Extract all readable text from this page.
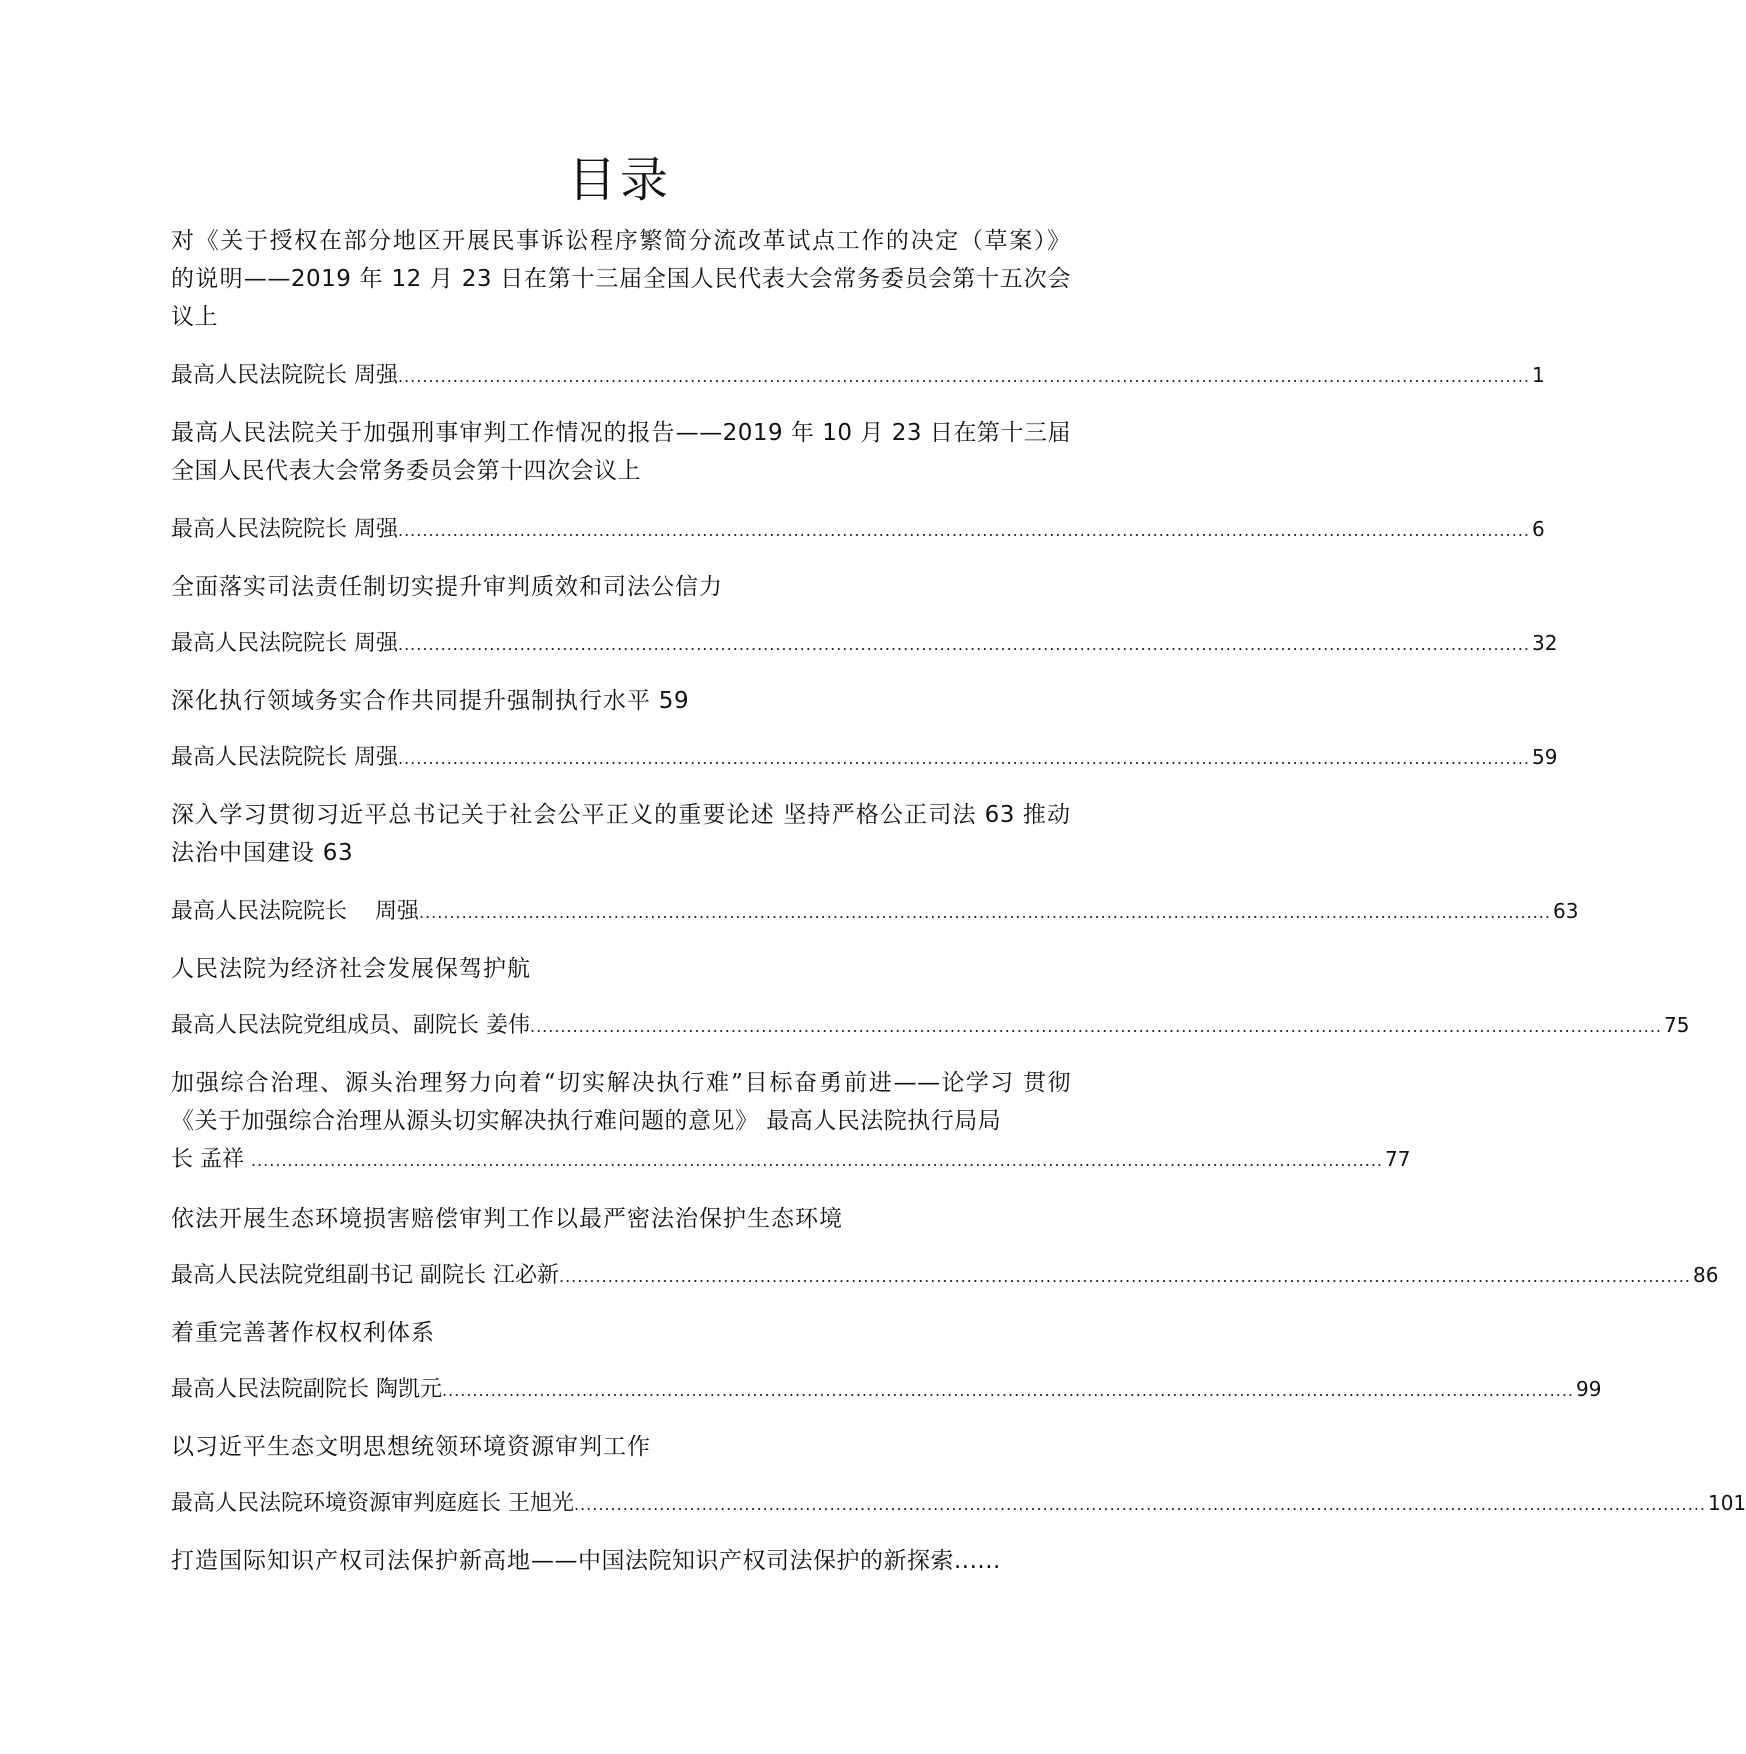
目录

对《关于授权在部分地区开展民事诉讼程序繁简分流改革试点工作的决定（草案）》的说明——2019 年 12 月 23 日在第十三届全国人民代表大会常务委员会第十五次会议上

最高人民法院院长 周强 .......................................................................................................................................................................................... 1

最高人民法院关于加强刑事审判工作情况的报告——2019 年 10 月 23 日在第十三届全国人民代表大会常务委员会第十四次会议上

最高人民法院院长 周强 .......................................................................................................................................................................................... 6

全面落实司法责任制切实提升审判质效和司法公信力

最高人民法院院长 周强 .......................................................................................................................................................................................... 32

深化执行领域务实合作共同提升强制执行水平 59

最高人民法院院长 周强 .......................................................................................................................................................................................... 59

深入学习贯彻习近平总书记关于社会公平正义的重要论述 坚持严格公正司法 63 推动法治中国建设 63

最高人民法院院长    周强 .......................................................................................................................................................................................... 63

人民法院为经济社会发展保驾护航

最高人民法院党组成员、副院长 姜伟 .......................................................................................................................................................................................... 75

加强综合治理、源头治理努力向着“切实解决执行难”目标奋勇前进——论学习 贯彻《关于加强综合治理从源头切实解决执行难问题的意见》 最高人民法院执行局局

长 孟祥 .......................................................................................................................................................................................... 77

依法开展生态环境损害赔偿审判工作以最严密法治保护生态环境

最高人民法院党组副书记 副院长 江必新 .......................................................................................................................................................................................... 86

着重完善著作权权利体系

最高人民法院副院长 陶凯元 .......................................................................................................................................................................................... 99

以习近平生态文明思想统领环境资源审判工作

最高人民法院环境资源审判庭庭长 王旭光 .......................................................................................................................................................................................... 101

打造国际知识产权司法保护新高地——中国法院知识产权司法保护的新探索......
